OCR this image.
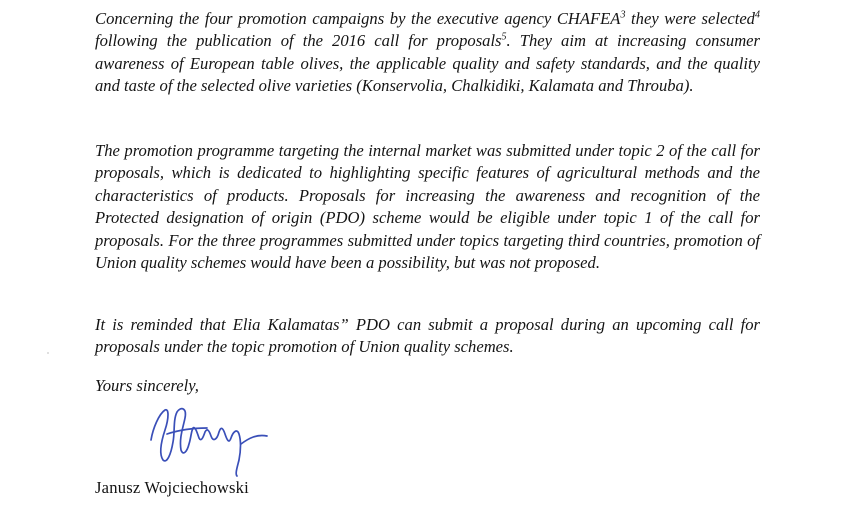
Concerning the four promotion campaigns by the executive agency CHAFEA$^3$ they were selected$^4$ following the publication of the 2016 call for proposals$^5$. They aim at increasing consumer awareness of European table olives, the applicable quality and safety standards, and the quality and taste of the selected olive varieties (Konservolia, Chalkidiki, Kalamata and Throuba).

The promotion programme targeting the internal market was submitted under topic 2 of the call for proposals, which is dedicated to highlighting specific features of agricultural methods and the characteristics of products. Proposals for increasing the awareness and recognition of the Protected designation of origin (PDO) scheme would be eligible under topic 1 of the call for proposals. For the three programmes submitted under topics targeting third countries, promotion of Union quality schemes would have been a possibility, but was not proposed.

It is reminded that Elia Kalamatas” PDO can submit a proposal during an upcoming call for proposals under the topic promotion of Union quality schemes.

Yours sincerely,

Janusz Wojciechowski
